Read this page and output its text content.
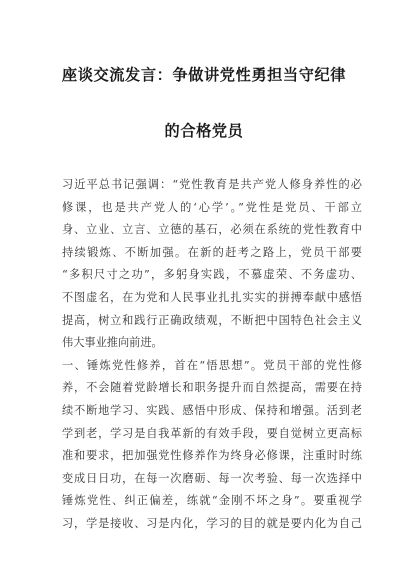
座谈交流发言：争做讲党性勇担当守纪律
的合格党员
习近平总书记强调：“党性教育是共产党人修身养性的必
修课，也是共产党人的‘心学’。”党性是党员、干部立
身、立业、立言、立德的基石，必须在系统的党性教育中
持续锻炼、不断加强。在新的赶考之路上，党员干部要
“多积尺寸之功”，多躬身实践，不慕虚荣、不务虚功、
不图虚名，在为党和人民事业扎扎实实的拼搏奉献中感悟
提高，树立和践行正确政绩观，不断把中国特色社会主义
伟大事业推向前进。
一、锤炼党性修养，首在“悟思想”。党员干部的党性修
养，不会随着党龄增长和职务提升而自然提高，需要在持
续不断地学习、实践、感悟中形成、保持和增强。活到老
学到老，学习是自我革新的有效手段，要自觉树立更高标
准和要求，把加强党性修养作为终身必修课，注重时时练
变成日日功，在每一次磨砺、每一次考验、每一次选择中
锤炼党性、纠正偏差，练就“金刚不坏之身”。要重视学
习，学是接收、习是内化，学习的目的就是要内化为自己
